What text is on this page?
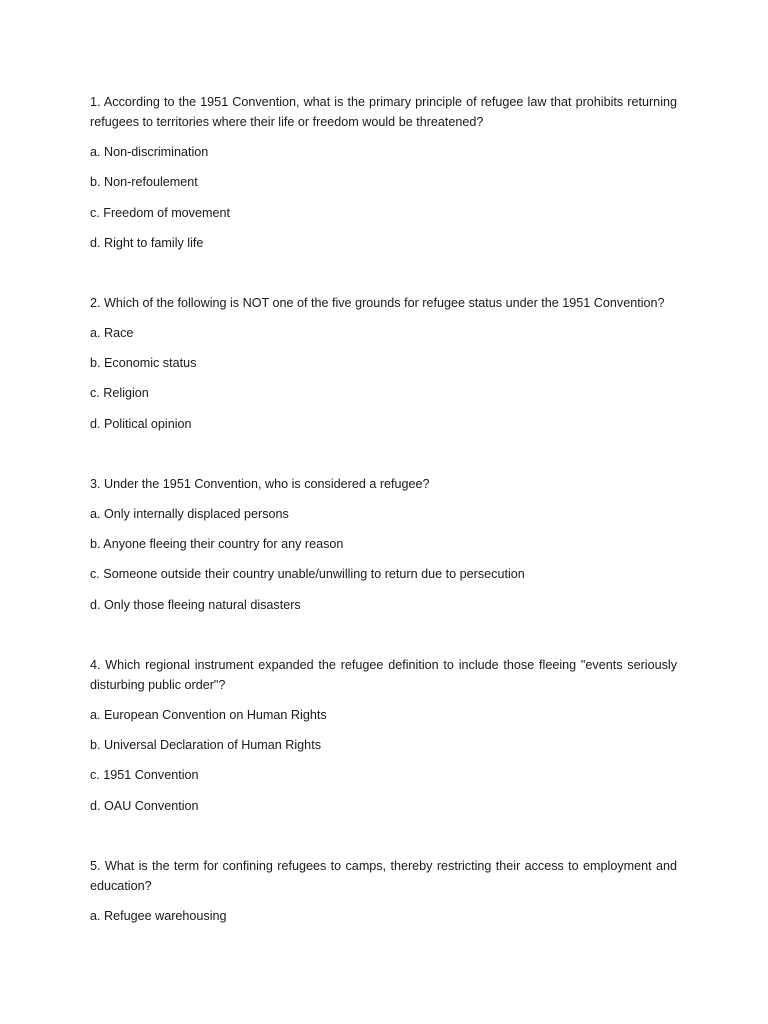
1. According to the 1951 Convention, what is the primary principle of refugee law that prohibits returning refugees to territories where their life or freedom would be threatened?

a. Non-discrimination
b. Non-refoulement
c. Freedom of movement
d. Right to family life

2. Which of the following is NOT one of the five grounds for refugee status under the 1951 Convention?

a. Race
b. Economic status
c. Religion
d. Political opinion

3. Under the 1951 Convention, who is considered a refugee?

a. Only internally displaced persons
b. Anyone fleeing their country for any reason
c. Someone outside their country unable/unwilling to return due to persecution
d. Only those fleeing natural disasters

4. Which regional instrument expanded the refugee definition to include those fleeing "events seriously disturbing public order"?

a. European Convention on Human Rights
b. Universal Declaration of Human Rights
c. 1951 Convention
d. OAU Convention

5. What is the term for confining refugees to camps, thereby restricting their access to employment and education?

a. Refugee warehousing
